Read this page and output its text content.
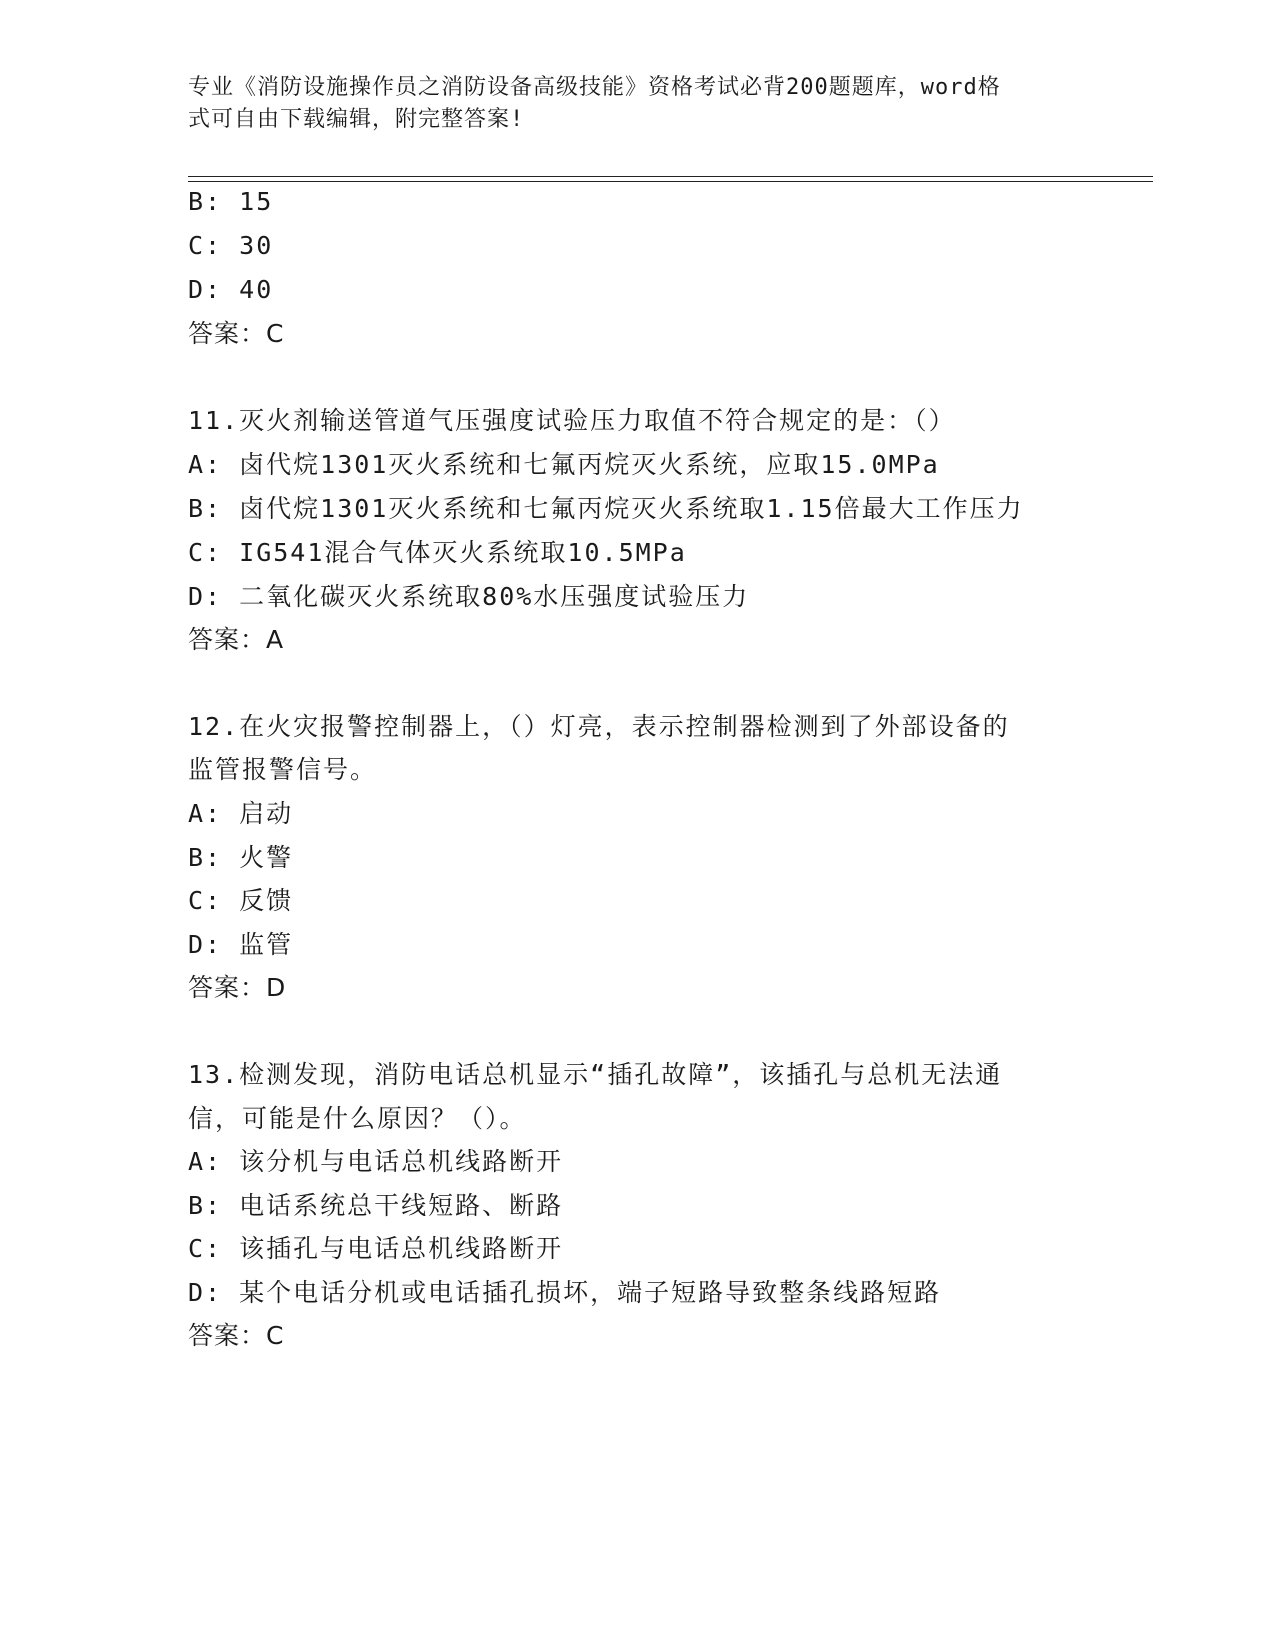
专业《消防设施操作员之消防设备高级技能》资格考试必背200题题库，word格
式可自由下载编辑，附完整答案!
B: 15
C: 30
D: 40
答案：C
11.灭火剂输送管道气压强度试验压力取值不符合规定的是：（）
A: 卤代烷1301灭火系统和七氟丙烷灭火系统，应取15.0MPa
B: 卤代烷1301灭火系统和七氟丙烷灭火系统取1.15倍最大工作压力
C: IG541混合气体灭火系统取10.5MPa
D: 二氧化碳灭火系统取80%水压强度试验压力
答案：A
12.在火灾报警控制器上，（）灯亮，表示控制器检测到了外部设备的
监管报警信号。
A: 启动
B: 火警
C: 反馈
D: 监管
答案：D
13.检测发现，消防电话总机显示“插孔故障”，该插孔与总机无法通
信，可能是什么原因？（）。
A: 该分机与电话总机线路断开
B: 电话系统总干线短路、断路
C: 该插孔与电话总机线路断开
D: 某个电话分机或电话插孔损坏，端子短路导致整条线路短路
答案：C
